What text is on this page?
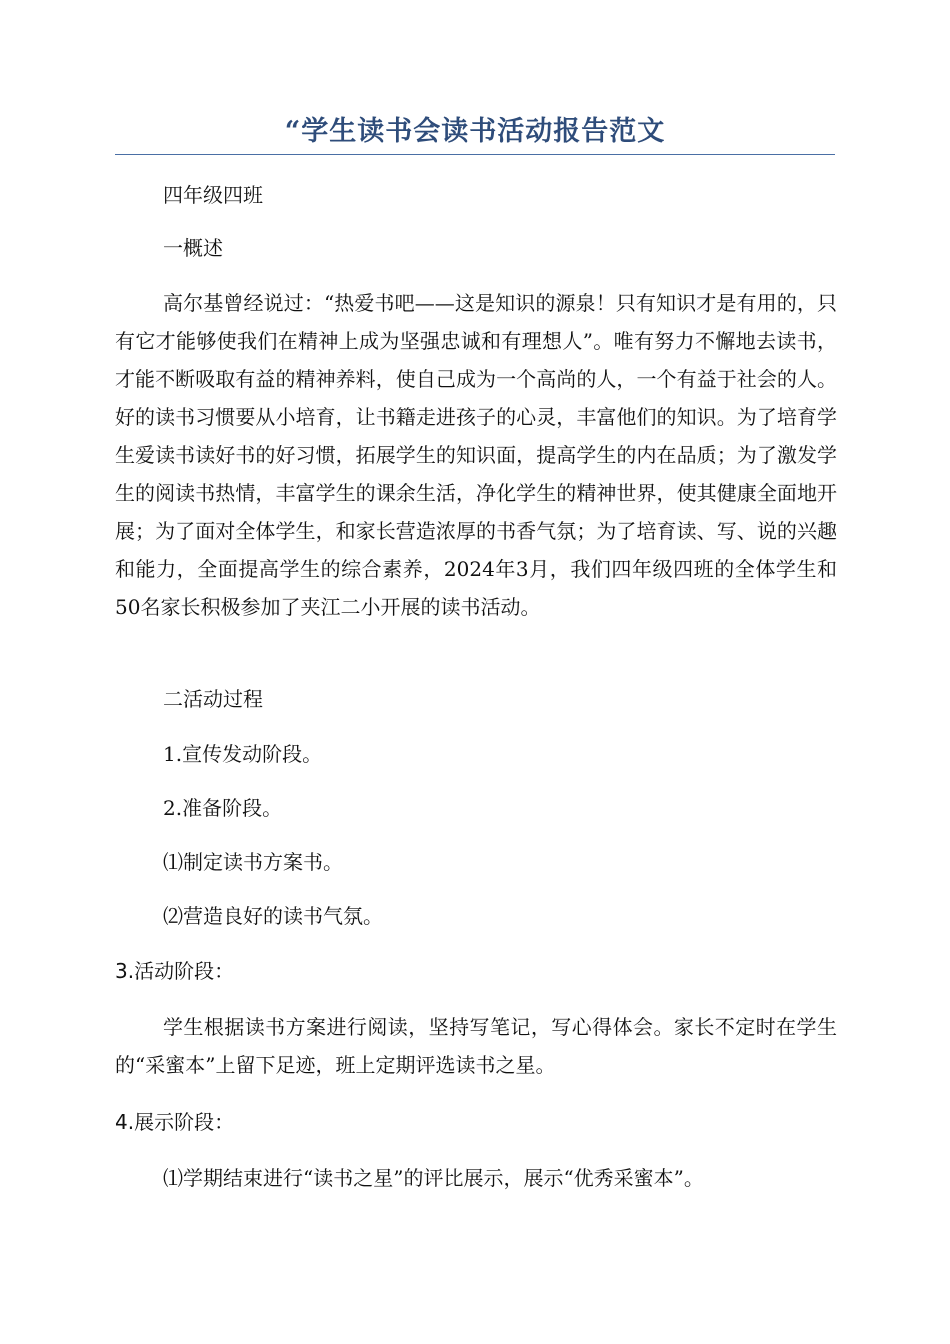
“学生读书会读书活动报告范文

四年级四班

一概述

高尔基曾经说过：“热爱书吧——这是知识的源泉！只有知识才是有用的，只有它才能够使我们在精神上成为坚强忠诚和有理想人”。唯有努力不懈地去读书，才能不断吸取有益的精神养料，使自己成为一个高尚的人，一个有益于社会的人。好的读书习惯要从小培育，让书籍走进孩子的心灵，丰富他们的知识。为了培育学生爱读书读好书的好习惯，拓展学生的知识面，提高学生的内在品质；为了激发学生的阅读书热情，丰富学生的课余生活，净化学生的精神世界，使其健康全面地开展；为了面对全体学生，和家长营造浓厚的书香气氛；为了培育读、写、说的兴趣和能力，全面提高学生的综合素养，2024年3月，我们四年级四班的全体学生和50名家长积极参加了夹江二小开展的读书活动。

二活动过程

1.宣传发动阶段。

2.准备阶段。

⑴制定读书方案书。

⑵营造良好的读书气氛。

3.活动阶段：

学生根据读书方案进行阅读，坚持写笔记，写心得体会。家长不定时在学生的“采蜜本”上留下足迹，班上定期评选读书之星。

4.展示阶段：

⑴学期结束进行“读书之星”的评比展示，展示“优秀采蜜本”。
